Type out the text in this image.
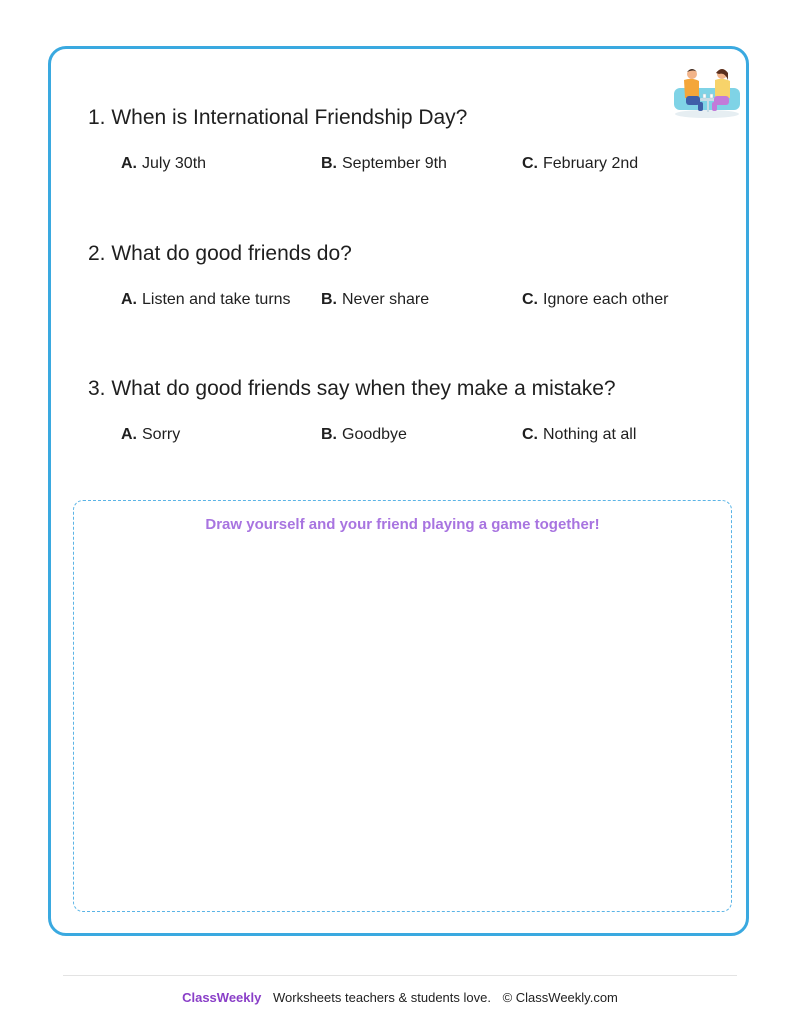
1. When is International Friendship Day?

A. July 30th	B. September 9th	C. February 2nd

2. What do good friends do?

A. Listen and take turns B. Never share	C. Ignore each other

3. What do good friends say when they make a mistake?

A. Sorry	B. Goodbye	C. Nothing at all
Draw yourself and your friend playing a game together!
ClassWeekly Worksheets teachers & students love. © ClassWeekly.com
